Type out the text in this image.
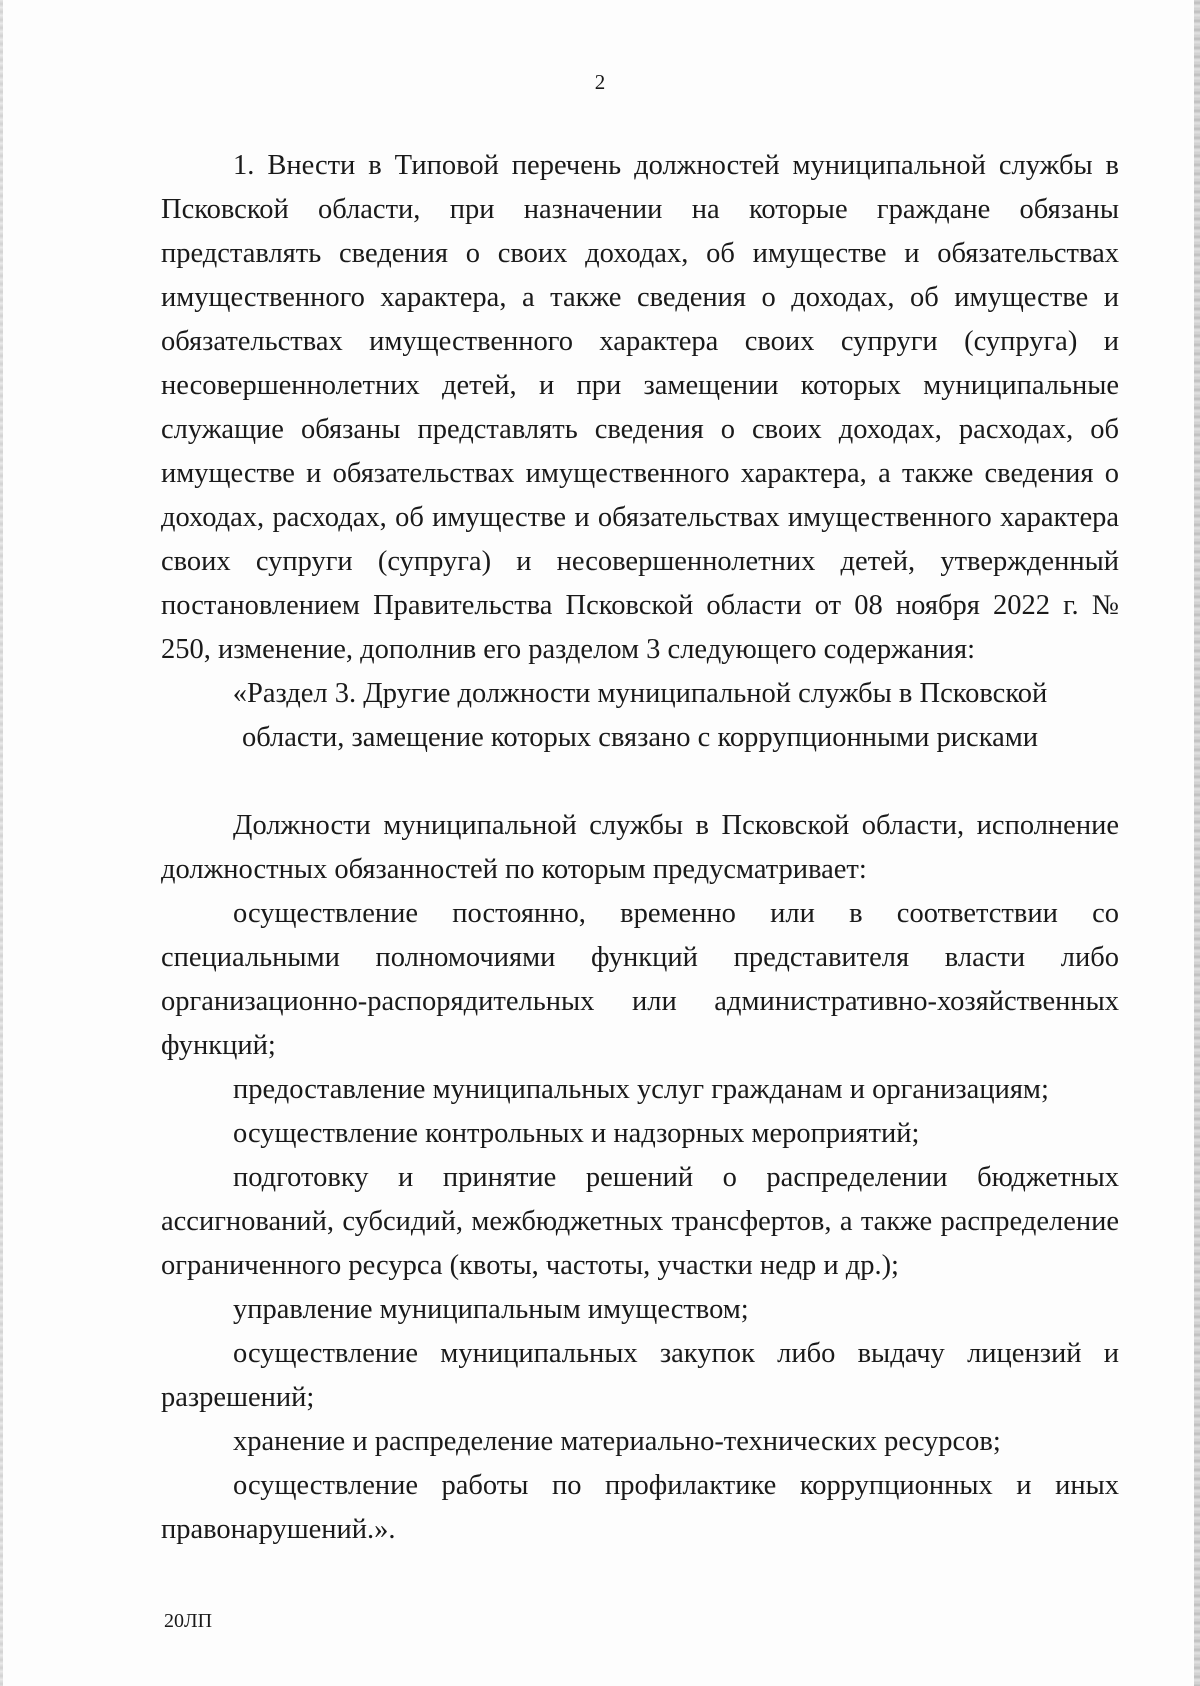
2

1. Внести в Типовой перечень должностей муниципальной службы в Псковской области, при назначении на которые граждане обязаны представлять сведения о своих доходах, об имуществе и обязательствах имущественного характера, а также сведения о доходах, об имуществе и обязательствах имущественного характера своих супруги (супруга) и несовершеннолетних детей, и при замещении которых муниципальные служащие обязаны представлять сведения о своих доходах, расходах, об имуществе и обязательствах имущественного характера, а также сведения о доходах, расходах, об имуществе и обязательствах имущественного характера своих супруги (супруга) и несовершеннолетних детей, утвержденный постановлением Правительства Псковской области от 08 ноября 2022 г. № 250, изменение, дополнив его разделом 3 следующего содержания:

«Раздел 3. Другие должности муниципальной службы в Псковской

области, замещение которых связано с коррупционными рисками

Должности муниципальной службы в Псковской области, исполнение должностных обязанностей по которым предусматривает:

осуществление постоянно, временно или в соответствии со специальными полномочиями функций представителя власти либо организационно-распорядительных или административно-хозяйственных функций;

предоставление муниципальных услуг гражданам и организациям;

осуществление контрольных и надзорных мероприятий;

подготовку и принятие решений о распределении бюджетных ассигнований, субсидий, межбюджетных трансфертов, а также распределение ограниченного ресурса (квоты, частоты, участки недр и др.);

управление муниципальным имуществом;

осуществление муниципальных закупок либо выдачу лицензий и разрешений;

хранение и распределение материально-технических ресурсов;

осуществление работы по профилактике коррупционных и иных правонарушений.».

20ЛП
